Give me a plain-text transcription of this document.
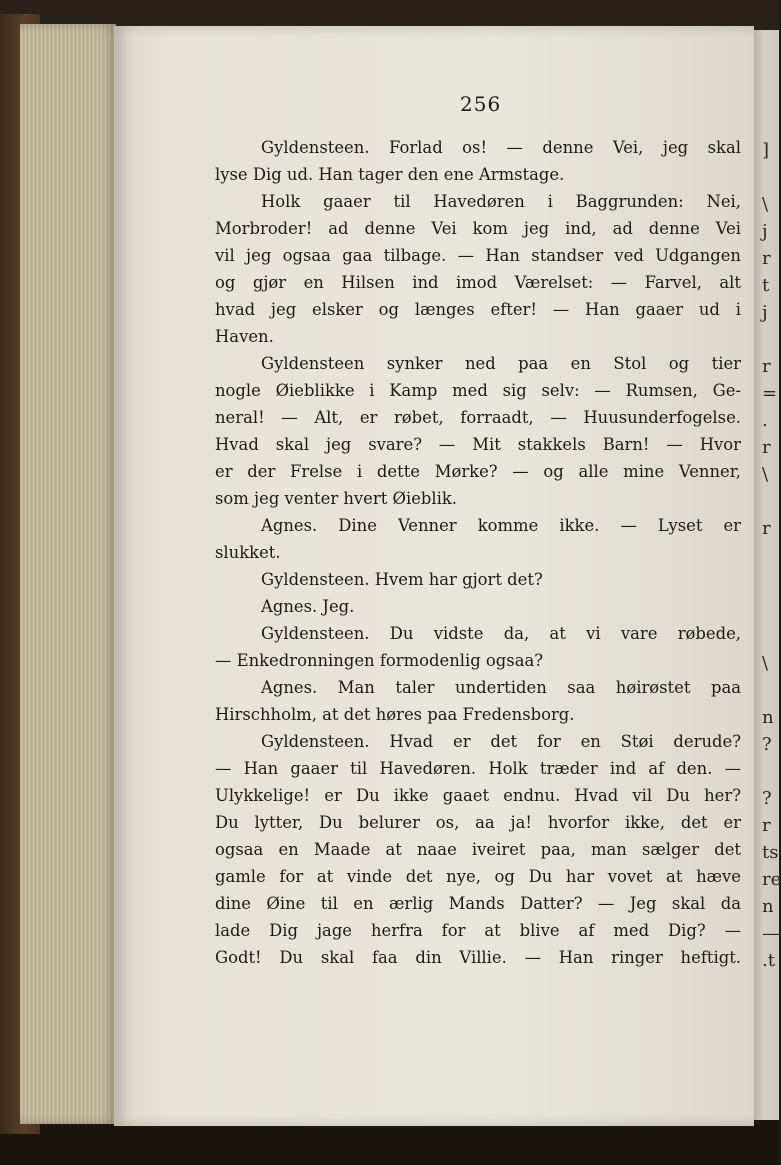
]
\
j
r
t
j
r
=
.
r
\
r
\
n
?
?
r
ts
re
n
—
.t
256
Gyldensteen. Forlad os! — denne Vei, jeg skal
lyse Dig ud. Han tager den ene Armstage.
Holk gaaer til Havedøren i Baggrunden: Nei,
Morbroder! ad denne Vei kom jeg ind, ad denne Vei
vil jeg ogsaa gaa tilbage. — Han standser ved Udgangen
og gjør en Hilsen ind imod Værelset: — Farvel, alt
hvad jeg elsker og længes efter! — Han gaaer ud i
Haven.
Gyldensteen synker ned paa en Stol og tier
nogle Øieblikke i Kamp med sig selv: — Rumsen, Ge-
neral! — Alt, er røbet, forraadt, — Huusunderfogelse.
Hvad skal jeg svare? — Mit stakkels Barn! — Hvor
er der Frelse i dette Mørke? — og alle mine Venner,
som jeg venter hvert Øieblik.
Agnes. Dine Venner komme ikke. — Lyset er
slukket.
Gyldensteen. Hvem har gjort det?
Agnes. Jeg.
Gyldensteen. Du vidste da, at vi vare røbede,
— Enkedronningen formodenlig ogsaa?
Agnes. Man taler undertiden saa høirøstet paa
Hirschholm, at det høres paa Fredensborg.
Gyldensteen. Hvad er det for en Støi derude?
— Han gaaer til Havedøren. Holk træder ind af den. —
Ulykkelige! er Du ikke gaaet endnu. Hvad vil Du her?
Du lytter, Du belurer os, aa ja! hvorfor ikke, det er
ogsaa en Maade at naae iveiret paa, man sælger det
gamle for at vinde det nye, og Du har vovet at hæve
dine Øine til en ærlig Mands Datter? — Jeg skal da
lade Dig jage herfra for at blive af med Dig? —
Godt! Du skal faa din Villie. — Han ringer heftigt.
